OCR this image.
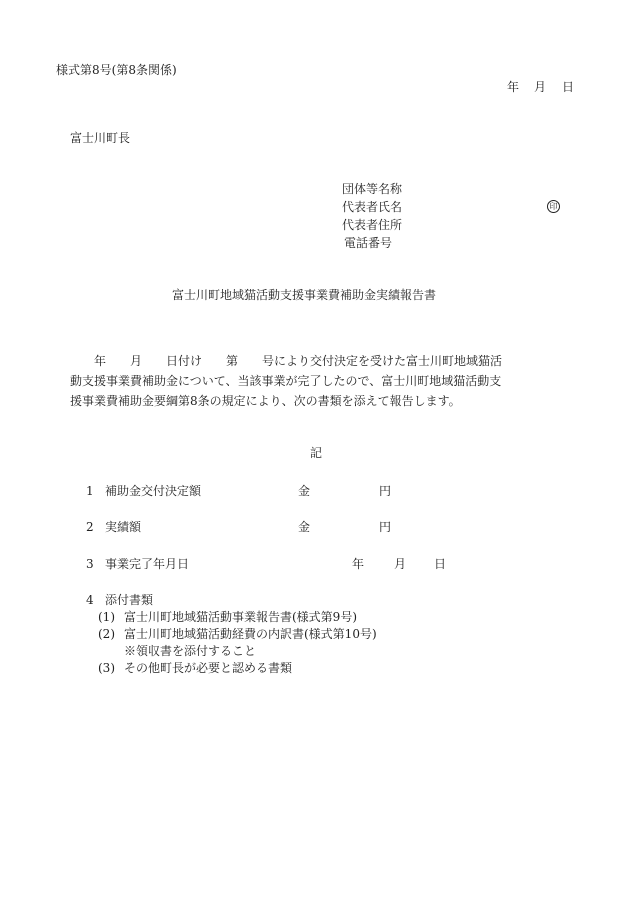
様式第8号(第8条関係)
年 月 日
富士川町長
団体等名称
代表者氏名	印
代表者住所
電話番号
富士川町地域猫活動支援事業費補助金実績報告書
　　年　　月　　日付け　　第　　号により交付決定を受けた富士川町地域猫活
動支援事業費補助金について、当該事業が完了したので、富士川町地域猫活動支
援事業費補助金要綱第8条の規定により、次の書類を添えて報告します。
記
1 補助金交付決定額	金	円
2 実績額	金	円
3 事業完了年月日	年 月 日
4 添付書類
(1) 富士川町地域猫活動事業報告書(様式第9号)
(2) 富士川町地域猫活動経費の内訳書(様式第10号)
※領収書を添付すること
(3) その他町長が必要と認める書類
